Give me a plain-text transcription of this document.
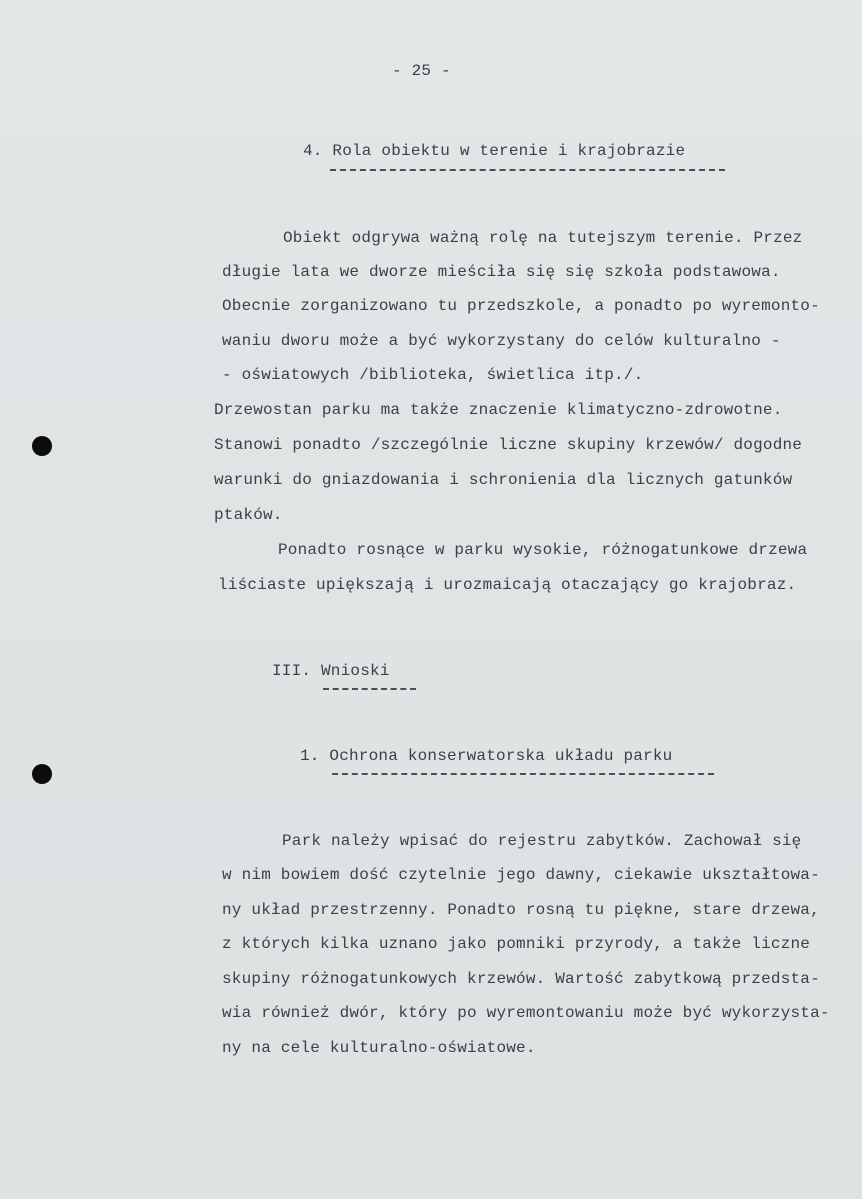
- 25 -
4. Rola obiektu w terenie i krajobrazie
Obiekt odgrywa ważną rolę na tutejszym terenie. Przez
długie lata we dworze mieściła się się szkoła podstawowa.
Obecnie zorganizowano tu przedszkole, a ponadto po wyremonto-
waniu dworu może a być wykorzystany do celów kulturalno -
- oświatowych /biblioteka, świetlica itp./.
Drzewostan parku ma także znaczenie klimatyczno-zdrowotne.
Stanowi ponadto /szczególnie liczne skupiny krzewów/ dogodne
warunki do gniazdowania i schronienia dla licznych gatunków
ptaków.
Ponadto rosnące w parku wysokie, różnogatunkowe drzewa
liściaste upiększają i urozmaicają otaczający go krajobraz.
III. Wnioski
1. Ochrona konserwatorska układu parku
Park należy wpisać do rejestru zabytków. Zachował się
w nim bowiem dość czytelnie jego dawny, ciekawie ukształtowa-
ny układ przestrzenny. Ponadto rosną tu piękne, stare drzewa,
z których kilka uznano jako pomniki przyrody, a także liczne
skupiny różnogatunkowych krzewów. Wartość zabytkową przedsta-
wia również dwór, który po wyremontowaniu może być wykorzysta-
ny na cele kulturalno-oświatowe.
